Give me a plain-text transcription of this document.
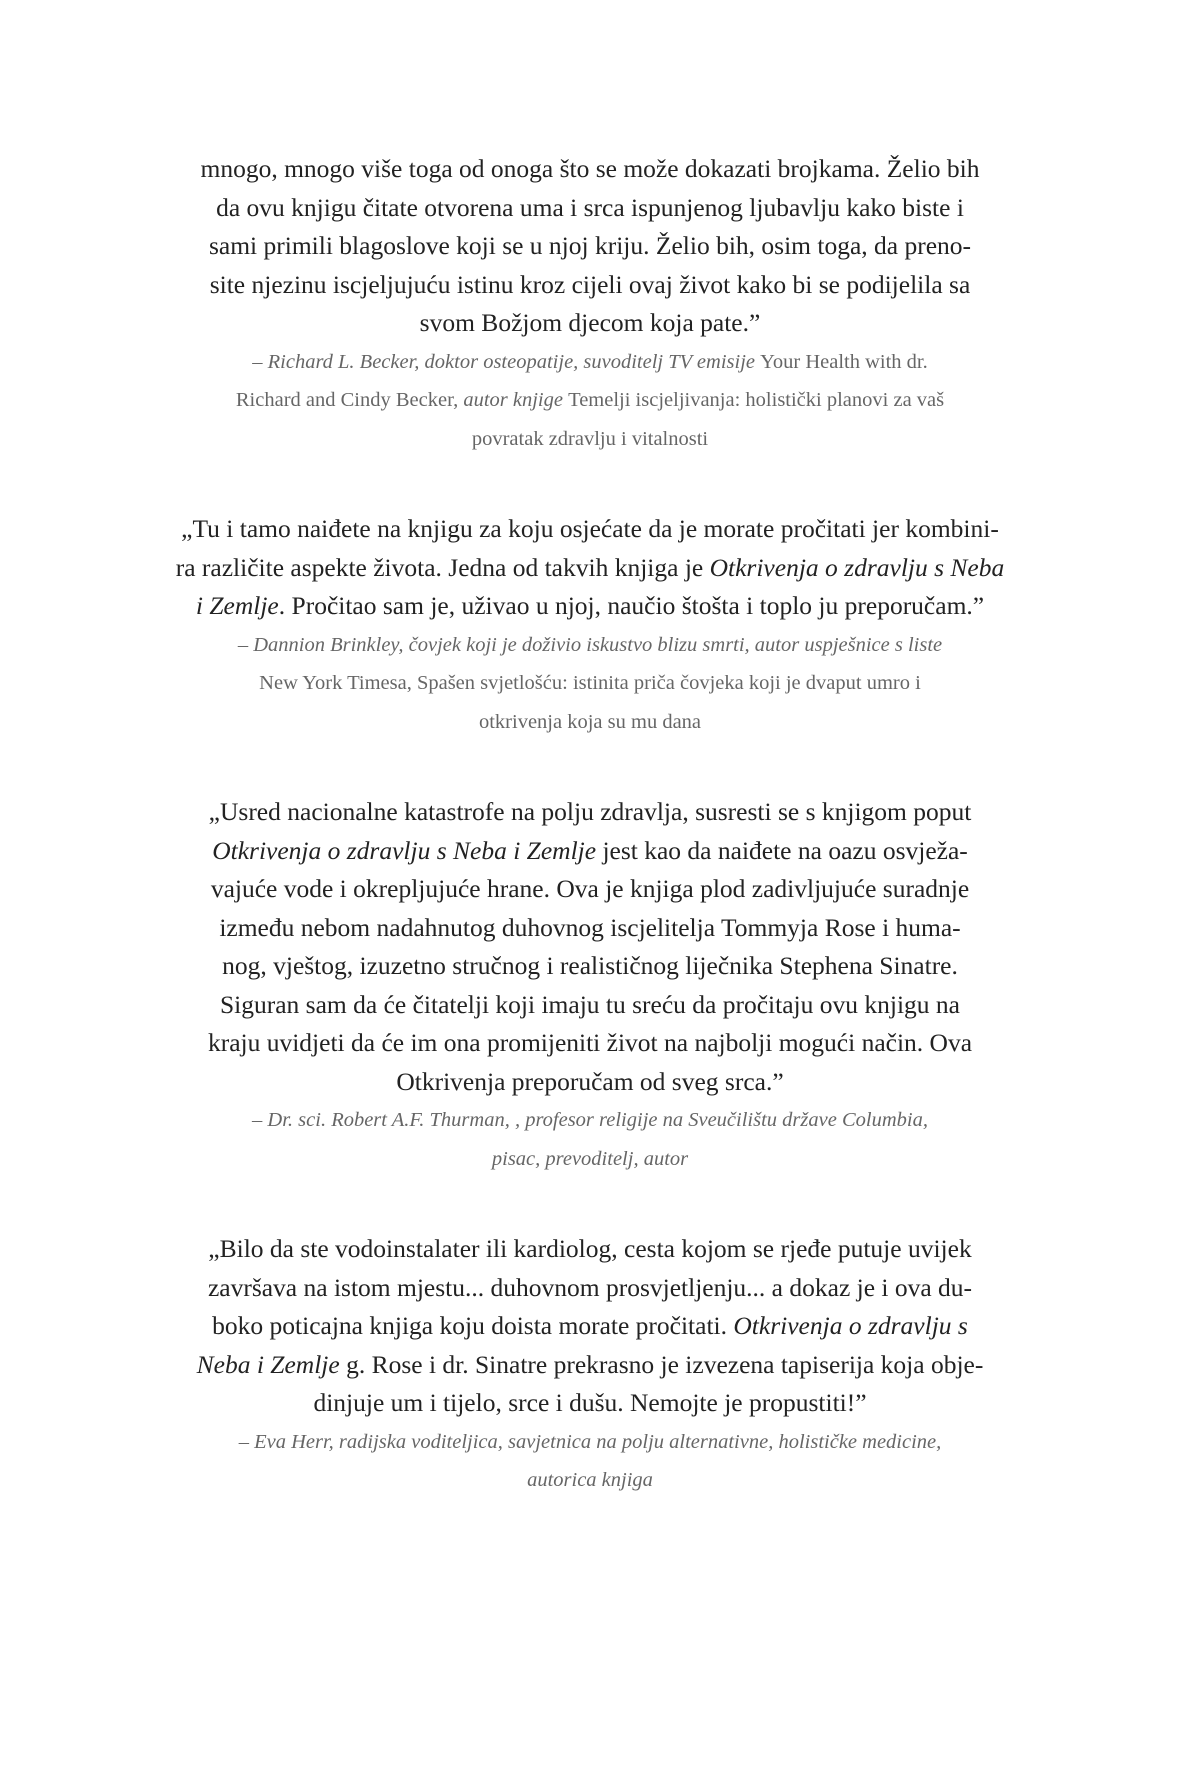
mnogo, mnogo više toga od onoga što se može dokazati brojkama. Želio bih
da ovu knjigu čitate otvorena uma i srca ispunjenog ljubavlju kako biste i
sami primili blagoslove koji se u njoj kriju. Želio bih, osim toga, da preno-
site njezinu iscjeljujuću istinu kroz cijeli ovaj život kako bi se podijelila sa
svom Božjom djecom koja pate.”

– Richard L. Becker, doktor osteopatije, suvoditelj TV emisije Your Health with dr.
Richard and Cindy Becker, autor knjige Temelji iscjeljivanja: holistički planovi za vaš
povratak zdravlju i vitalnosti

„Tu i tamo naiđete na knjigu za koju osjećate da je morate pročitati jer kombini-
ra različite aspekte života. Jedna od takvih knjiga je Otkrivenja o zdravlju s Neba
i Zemlje. Pročitao sam je, uživao u njoj, naučio štošta i toplo ju preporučam.”

– Dannion Brinkley, čovjek koji je doživio iskustvo blizu smrti, autor uspješnice s liste
New York Timesa, Spašen svjetlošću: istinita priča čovjeka koji je dvaput umro i
otkrivenja koja su mu dana

„Usred nacionalne katastrofe na polju zdravlja, susresti se s knjigom poput
Otkrivenja o zdravlju s Neba i Zemlje jest kao da naiđete na oazu osvježa-
vajuće vode i okrepljujuće hrane. Ova je knjiga plod zadivljujuće suradnje
između nebom nadahnutog duhovnog iscjelitelja Tommyja Rose i huma-
nog, vještog, izuzetno stručnog i realističnog liječnika Stephena Sinatre.
Siguran sam da će čitatelji koji imaju tu sreću da pročitaju ovu knjigu na
kraju uvidjeti da će im ona promijeniti život na najbolji mogući način. Ova
Otkrivenja preporučam od sveg srca.”

– Dr. sci. Robert A.F. Thurman, , profesor religije na Sveučilištu države Columbia,
pisac, prevoditelj, autor

„Bilo da ste vodoinstalater ili kardiolog, cesta kojom se rjeđe putuje uvijek
završava na istom mjestu... duhovnom prosvjetljenju... a dokaz je i ova du-
boko poticajna knjiga koju doista morate pročitati. Otkrivenja o zdravlju s
Neba i Zemlje g. Rose i dr. Sinatre prekrasno je izvezena tapiserija koja obje-
dinjuje um i tijelo, srce i dušu. Nemojte je propustiti!”

– Eva Herr, radijska voditeljica, savjetnica na polju alternativne, holističke medicine,
autorica knjiga
